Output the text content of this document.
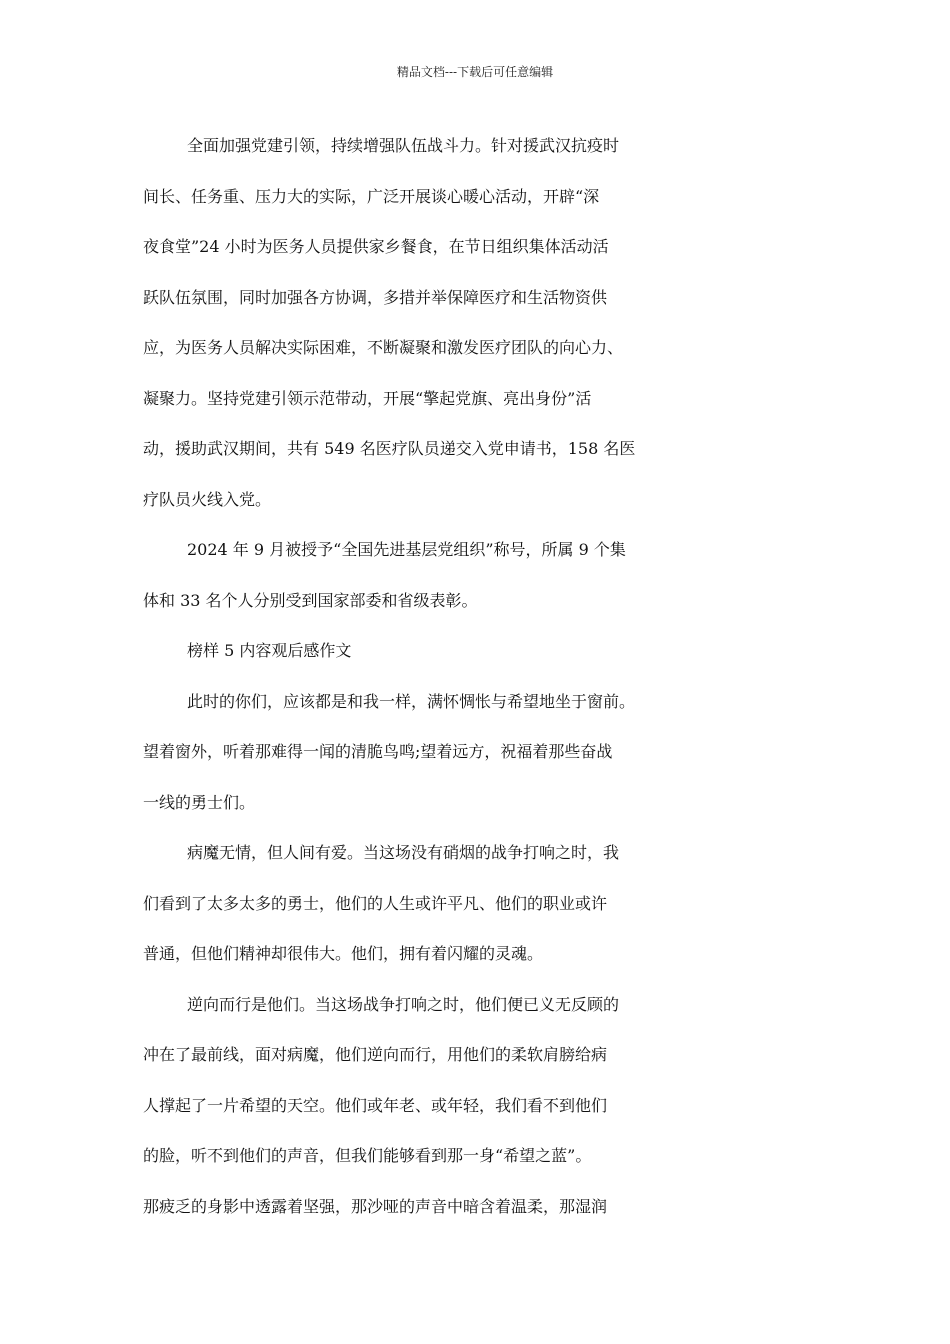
精品文档---下载后可任意编辑
全面加强党建引领，持续增强队伍战斗力。针对援武汉抗疫时
间长、任务重、压力大的实际，广泛开展谈心暖心活动，开辟“深
夜食堂”24 小时为医务人员提供家乡餐食，在节日组织集体活动活
跃队伍氛围，同时加强各方协调，多措并举保障医疗和生活物资供
应，为医务人员解决实际困难，不断凝聚和激发医疗团队的向心力、
凝聚力。坚持党建引领示范带动，开展“擎起党旗、亮出身份”活
动，援助武汉期间，共有 549 名医疗队员递交入党申请书，158 名医
疗队员火线入党。
2024 年 9 月被授予“全国先进基层党组织”称号，所属 9 个集
体和 33 名个人分别受到国家部委和省级表彰。
榜样 5 内容观后感作文
此时的你们，应该都是和我一样，满怀惆怅与希望地坐于窗前。
望着窗外，听着那难得一闻的清脆鸟鸣;望着远方，祝福着那些奋战
一线的勇士们。
病魔无情，但人间有爱。当这场没有硝烟的战争打响之时，我
们看到了太多太多的勇士，他们的人生或许平凡、他们的职业或许
普通，但他们精神却很伟大。他们，拥有着闪耀的灵魂。
逆向而行是他们。当这场战争打响之时，他们便已义无反顾的
冲在了最前线，面对病魔，他们逆向而行，用他们的柔软肩膀给病
人撑起了一片希望的天空。他们或年老、或年轻，我们看不到他们
的脸，听不到他们的声音，但我们能够看到那一身“希望之蓝”。
那疲乏的身影中透露着坚强，那沙哑的声音中暗含着温柔，那湿润
